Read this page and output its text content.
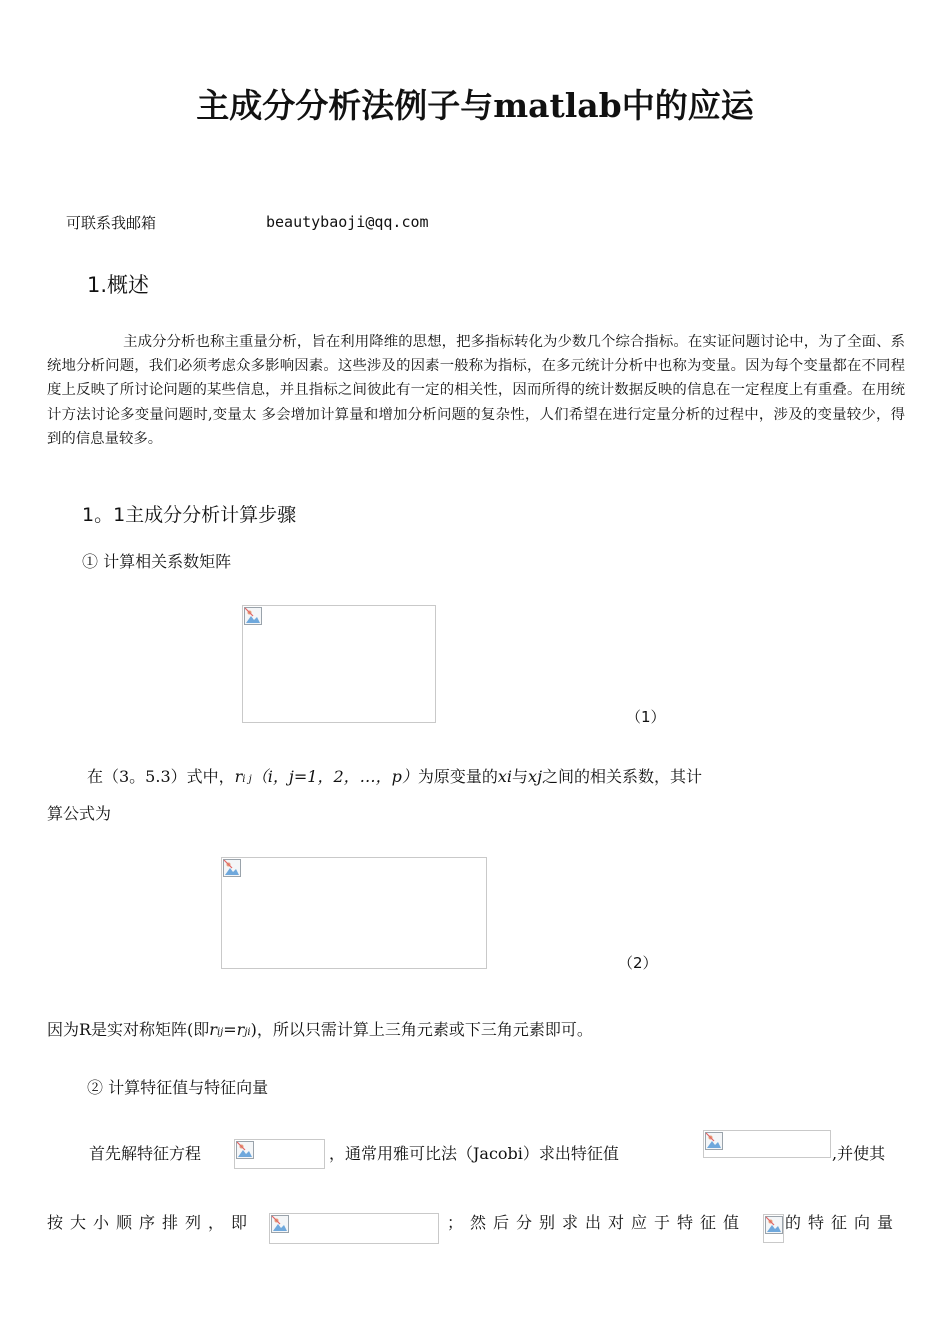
主成分分析法例子与matlab中的应运
可联系我邮箱	beautybaoji@qq.com
1.概述
主成分分析也称主重量分析，旨在利用降维的思想，把多指标转化为少数几个综合指标。在实证问题讨论中，为了全面、系统地分析问题，我们必须考虑众多影响因素。这些涉及的因素一般称为指标，在多元统计分析中也称为变量。因为每个变量都在不同程度上反映了所讨论问题的某些信息，并且指标之间彼此有一定的相关性，因而所得的统计数据反映的信息在一定程度上有重叠。在用统计方法讨论多变量问题时,变量太 多会增加计算量和增加分析问题的复杂性，人们希望在进行定量分析的过程中，涉及的变量较少，得到的信息量较多。
1。1主成分分析计算步骤
① 计算相关系数矩阵
（1）
在（3。5.3）式中，ri j（i，j=1，2，…，p）为原变量的xi与xj之间的相关系数，其计
算公式为
（2）
因为R是实对称矩阵(即rij=rji)，所以只需计算上三角元素或下三角元素即可。
② 计算特征值与特征向量
首先解特征方程	，通常用雅可比法（Jacobi）求出特征值	,并使其
按大小顺序排列，即	；然后分别求出对应于特征值 的特征向量
